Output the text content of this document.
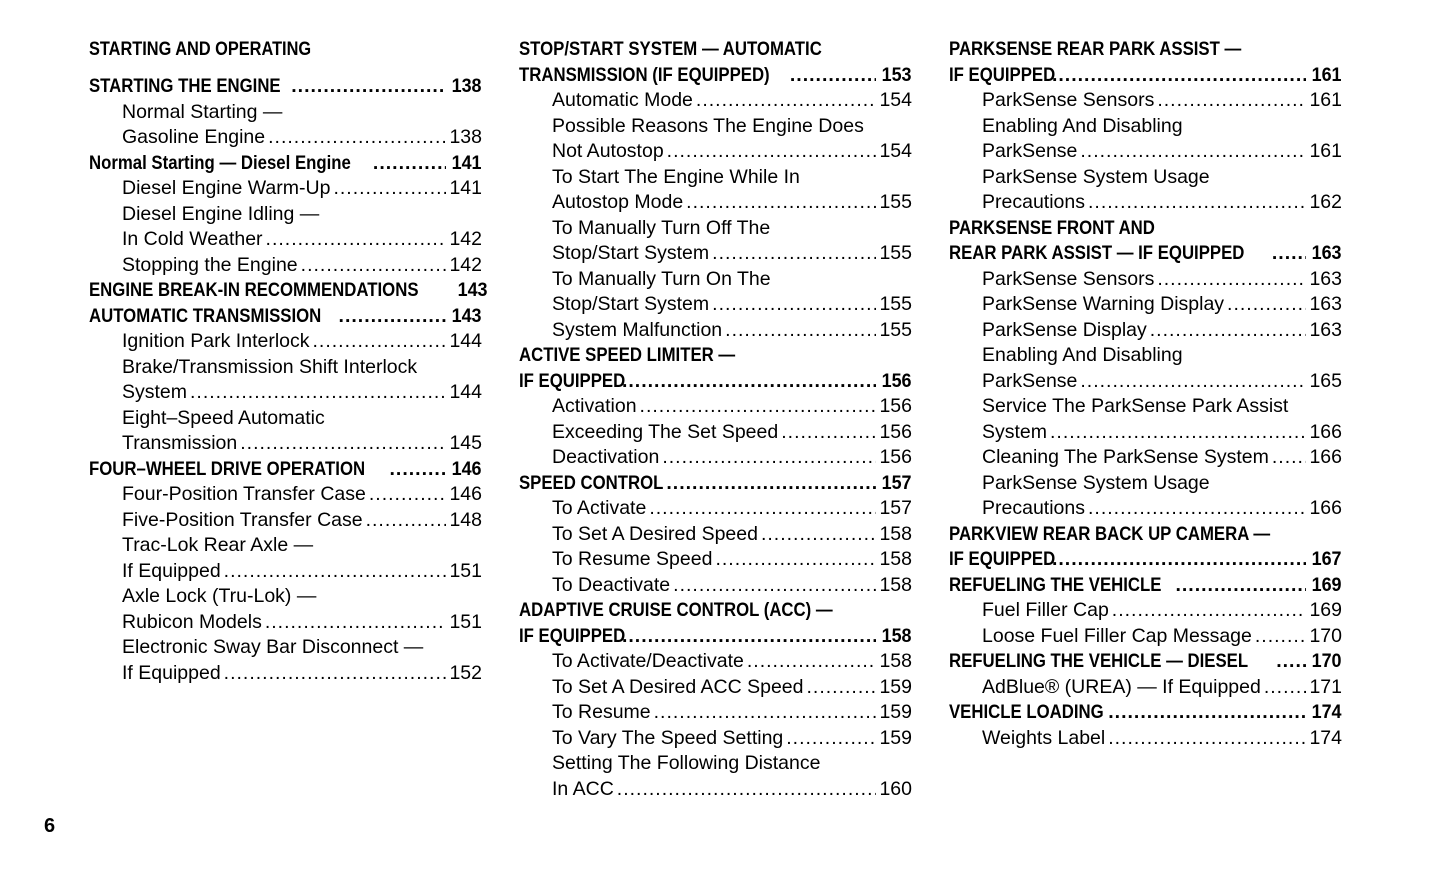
STARTING AND OPERATING
STARTING THE ENGINE .....	138
Normal Starting —
Gasoline Engine .....	138
Normal Starting — Diesel Engine .....	141
Diesel Engine Warm-Up .....	141
Diesel Engine Idling —
In Cold Weather .....	142
Stopping the Engine .....	142
ENGINE BREAK-IN RECOMMENDATIONS 143
AUTOMATIC TRANSMISSION .....	143
Ignition Park Interlock .....	144
Brake/Transmission Shift Interlock
System .....	144
Eight–Speed Automatic
Transmission .....	145
FOUR–WHEEL DRIVE OPERATION .....	146
Four-Position Transfer Case .....	146
Five-Position Transfer Case .....	148
Trac-Lok Rear Axle —
If Equipped .....	151
Axle Lock (Tru-Lok) —
Rubicon Models .....	151
Electronic Sway Bar Disconnect —
If Equipped .....	152
STOP/START SYSTEM — AUTOMATIC
TRANSMISSION (IF EQUIPPED) .....	153
Automatic Mode .....	154
Possible Reasons The Engine Does
Not Autostop .....	154
To Start The Engine While In
Autostop Mode .....	155
To Manually Turn Off The
Stop/Start System .....	155
To Manually Turn On The
Stop/Start System .....	155
System Malfunction .....	155
ACTIVE SPEED LIMITER —
IF EQUIPPED .....	156
Activation .....	156
Exceeding The Set Speed .....	156
Deactivation .....	156
SPEED CONTROL .....	157
To Activate .....	157
To Set A Desired Speed .....	158
To Resume Speed .....	158
To Deactivate .....	158
ADAPTIVE CRUISE CONTROL (ACC) —
IF EQUIPPED .....	158
To Activate/Deactivate .....	158
To Set A Desired ACC Speed .....	159
To Resume .....	159
To Vary The Speed Setting .....	159
Setting The Following Distance
In ACC .....	160
PARKSENSE REAR PARK ASSIST —
IF EQUIPPED .....	161
ParkSense Sensors .....	161
Enabling And Disabling
ParkSense .....	161
ParkSense System Usage
Precautions .....	162
PARKSENSE FRONT AND
REAR PARK ASSIST — IF EQUIPPED .....	163
ParkSense Sensors .....	163
ParkSense Warning Display .....	163
ParkSense Display .....	163
Enabling And Disabling
ParkSense .....	165
Service The ParkSense Park Assist
System .....	166
Cleaning The ParkSense System ..... 166
ParkSense System Usage
Precautions .....	166
PARKVIEW REAR BACK UP CAMERA —
IF EQUIPPED .....	167
REFUELING THE VEHICLE .....	169
Fuel Filler Cap .....	169
Loose Fuel Filler Cap Message .....	170
REFUELING THE VEHICLE — DIESEL .....	170
AdBlue® (UREA) — If Equipped ..... 171
VEHICLE LOADING .....	174
Weights Label .....	174
6
